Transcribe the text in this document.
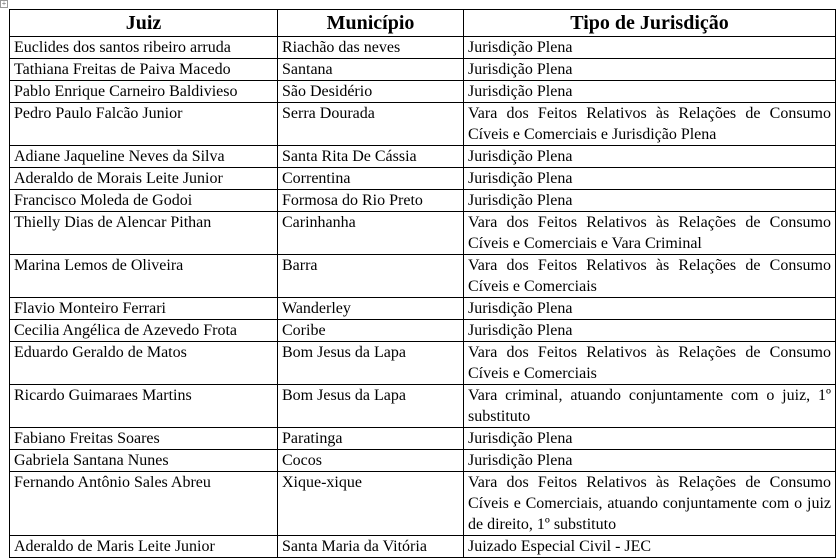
+
Juiz	Município	Tipo de Jurisdição
Euclides dos santos ribeiro arruda	Riachão das neves	Jurisdição Plena
Tathiana Freitas de Paiva Macedo	Santana	Jurisdição Plena
Pablo Enrique Carneiro Baldivieso	São Desidério	Jurisdição Plena
Pedro Paulo Falcão Junior	Serra Dourada	Vara dos Feitos Relativos às Relações de Consumo Cíveis e Comerciais e Jurisdição Plena
Adiane Jaqueline Neves da Silva	Santa Rita De Cássia	Jurisdição Plena
Aderaldo de Morais Leite Junior	Correntina	Jurisdição Plena
Francisco Moleda de Godoi	Formosa do Rio Preto	Jurisdição Plena
Thielly Dias de Alencar Pithan	Carinhanha	Vara dos Feitos Relativos às Relações de Consumo Cíveis e Comerciais e Vara Criminal
Marina Lemos de Oliveira	Barra	Vara dos Feitos Relativos às Relações de Consumo Cíveis e Comerciais
Flavio Monteiro Ferrari	Wanderley	Jurisdição Plena
Cecilia Angélica de Azevedo Frota	Coribe	Jurisdição Plena
Eduardo Geraldo de Matos	Bom Jesus da Lapa	Vara dos Feitos Relativos às Relações de Consumo Cíveis e Comerciais
Ricardo Guimaraes Martins	Bom Jesus da Lapa	Vara criminal, atuando conjuntamente com o juiz, 1º substituto
Fabiano Freitas Soares	Paratinga	Jurisdição Plena
Gabriela Santana Nunes	Cocos	Jurisdição Plena
Fernando Antônio Sales Abreu	Xique-xique	Vara dos Feitos Relativos às Relações de Consumo Cíveis e Comerciais, atuando conjuntamente com o juiz de direito, 1º substituto
Aderaldo de Maris Leite Junior	Santa Maria da Vitória	Juizado Especial Civil - JEC
